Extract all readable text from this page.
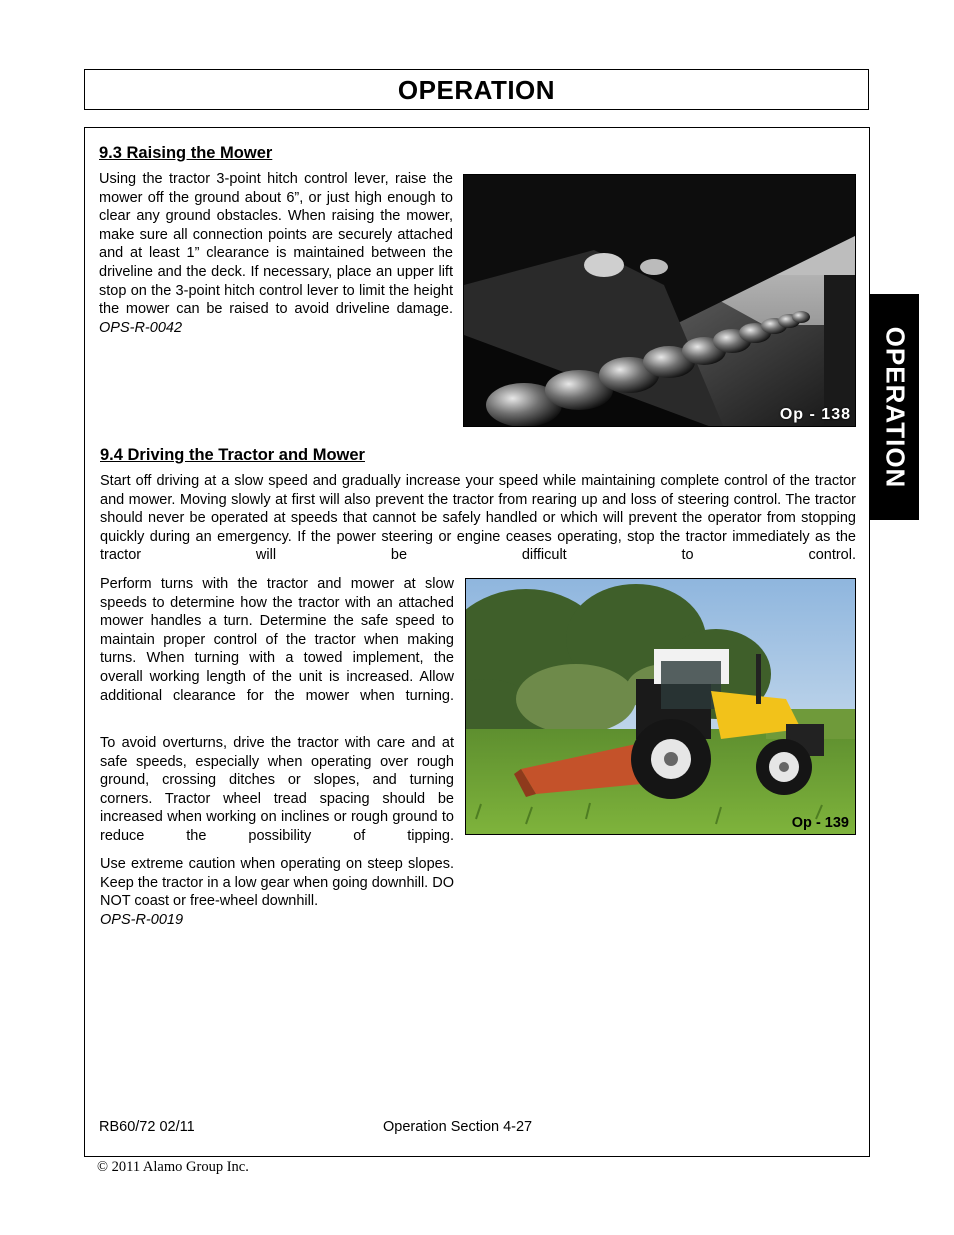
OPERATION
OPERATION
9.3 Raising the Mower

Using the tractor 3-point hitch control lever, raise the mower off the ground about 6”, or just high enough to clear any ground obstacles. When raising the mower, make sure all connection points are securely attached and at least 1” clearance is maintained between the driveline and the deck. If necessary, place an upper lift stop on the 3-point hitch control lever to limit the height the mower can be raised to avoid driveline damage. OPS-R-0042

Op - 138
9.4 Driving the Tractor and Mower

Start off driving at a slow speed and gradually increase your speed while maintaining complete control of the tractor and mower. Moving slowly at first will also prevent the tractor from rearing up and loss of steering control. The tractor should never be operated at speeds that cannot be safely handled or which will prevent the operator from stopping quickly during an emergency. If the power steering or engine ceases operating, stop the tractor immediately as the tractor will be difficult to control.

Perform turns with the tractor and mower at slow speeds to determine how the tractor with an attached mower handles a turn. Determine the safe speed to maintain proper control of the tractor when making turns. When turning with a towed implement, the overall working length of the unit is increased. Allow additional clearance for the mower when turning.

To avoid overturns, drive the tractor with care and at safe speeds, especially when operating over rough ground, crossing ditches or slopes, and turning corners. Tractor wheel tread spacing should be increased when working on inclines or rough ground to reduce the possibility of tipping.

Use extreme caution when operating on steep slopes. Keep the tractor in a low gear when going downhill. DO NOT coast or free-wheel downhill.
OPS-R-0019

Op - 139
RB60/72 02/11	Operation Section 4-27
© 2011 Alamo Group Inc.
